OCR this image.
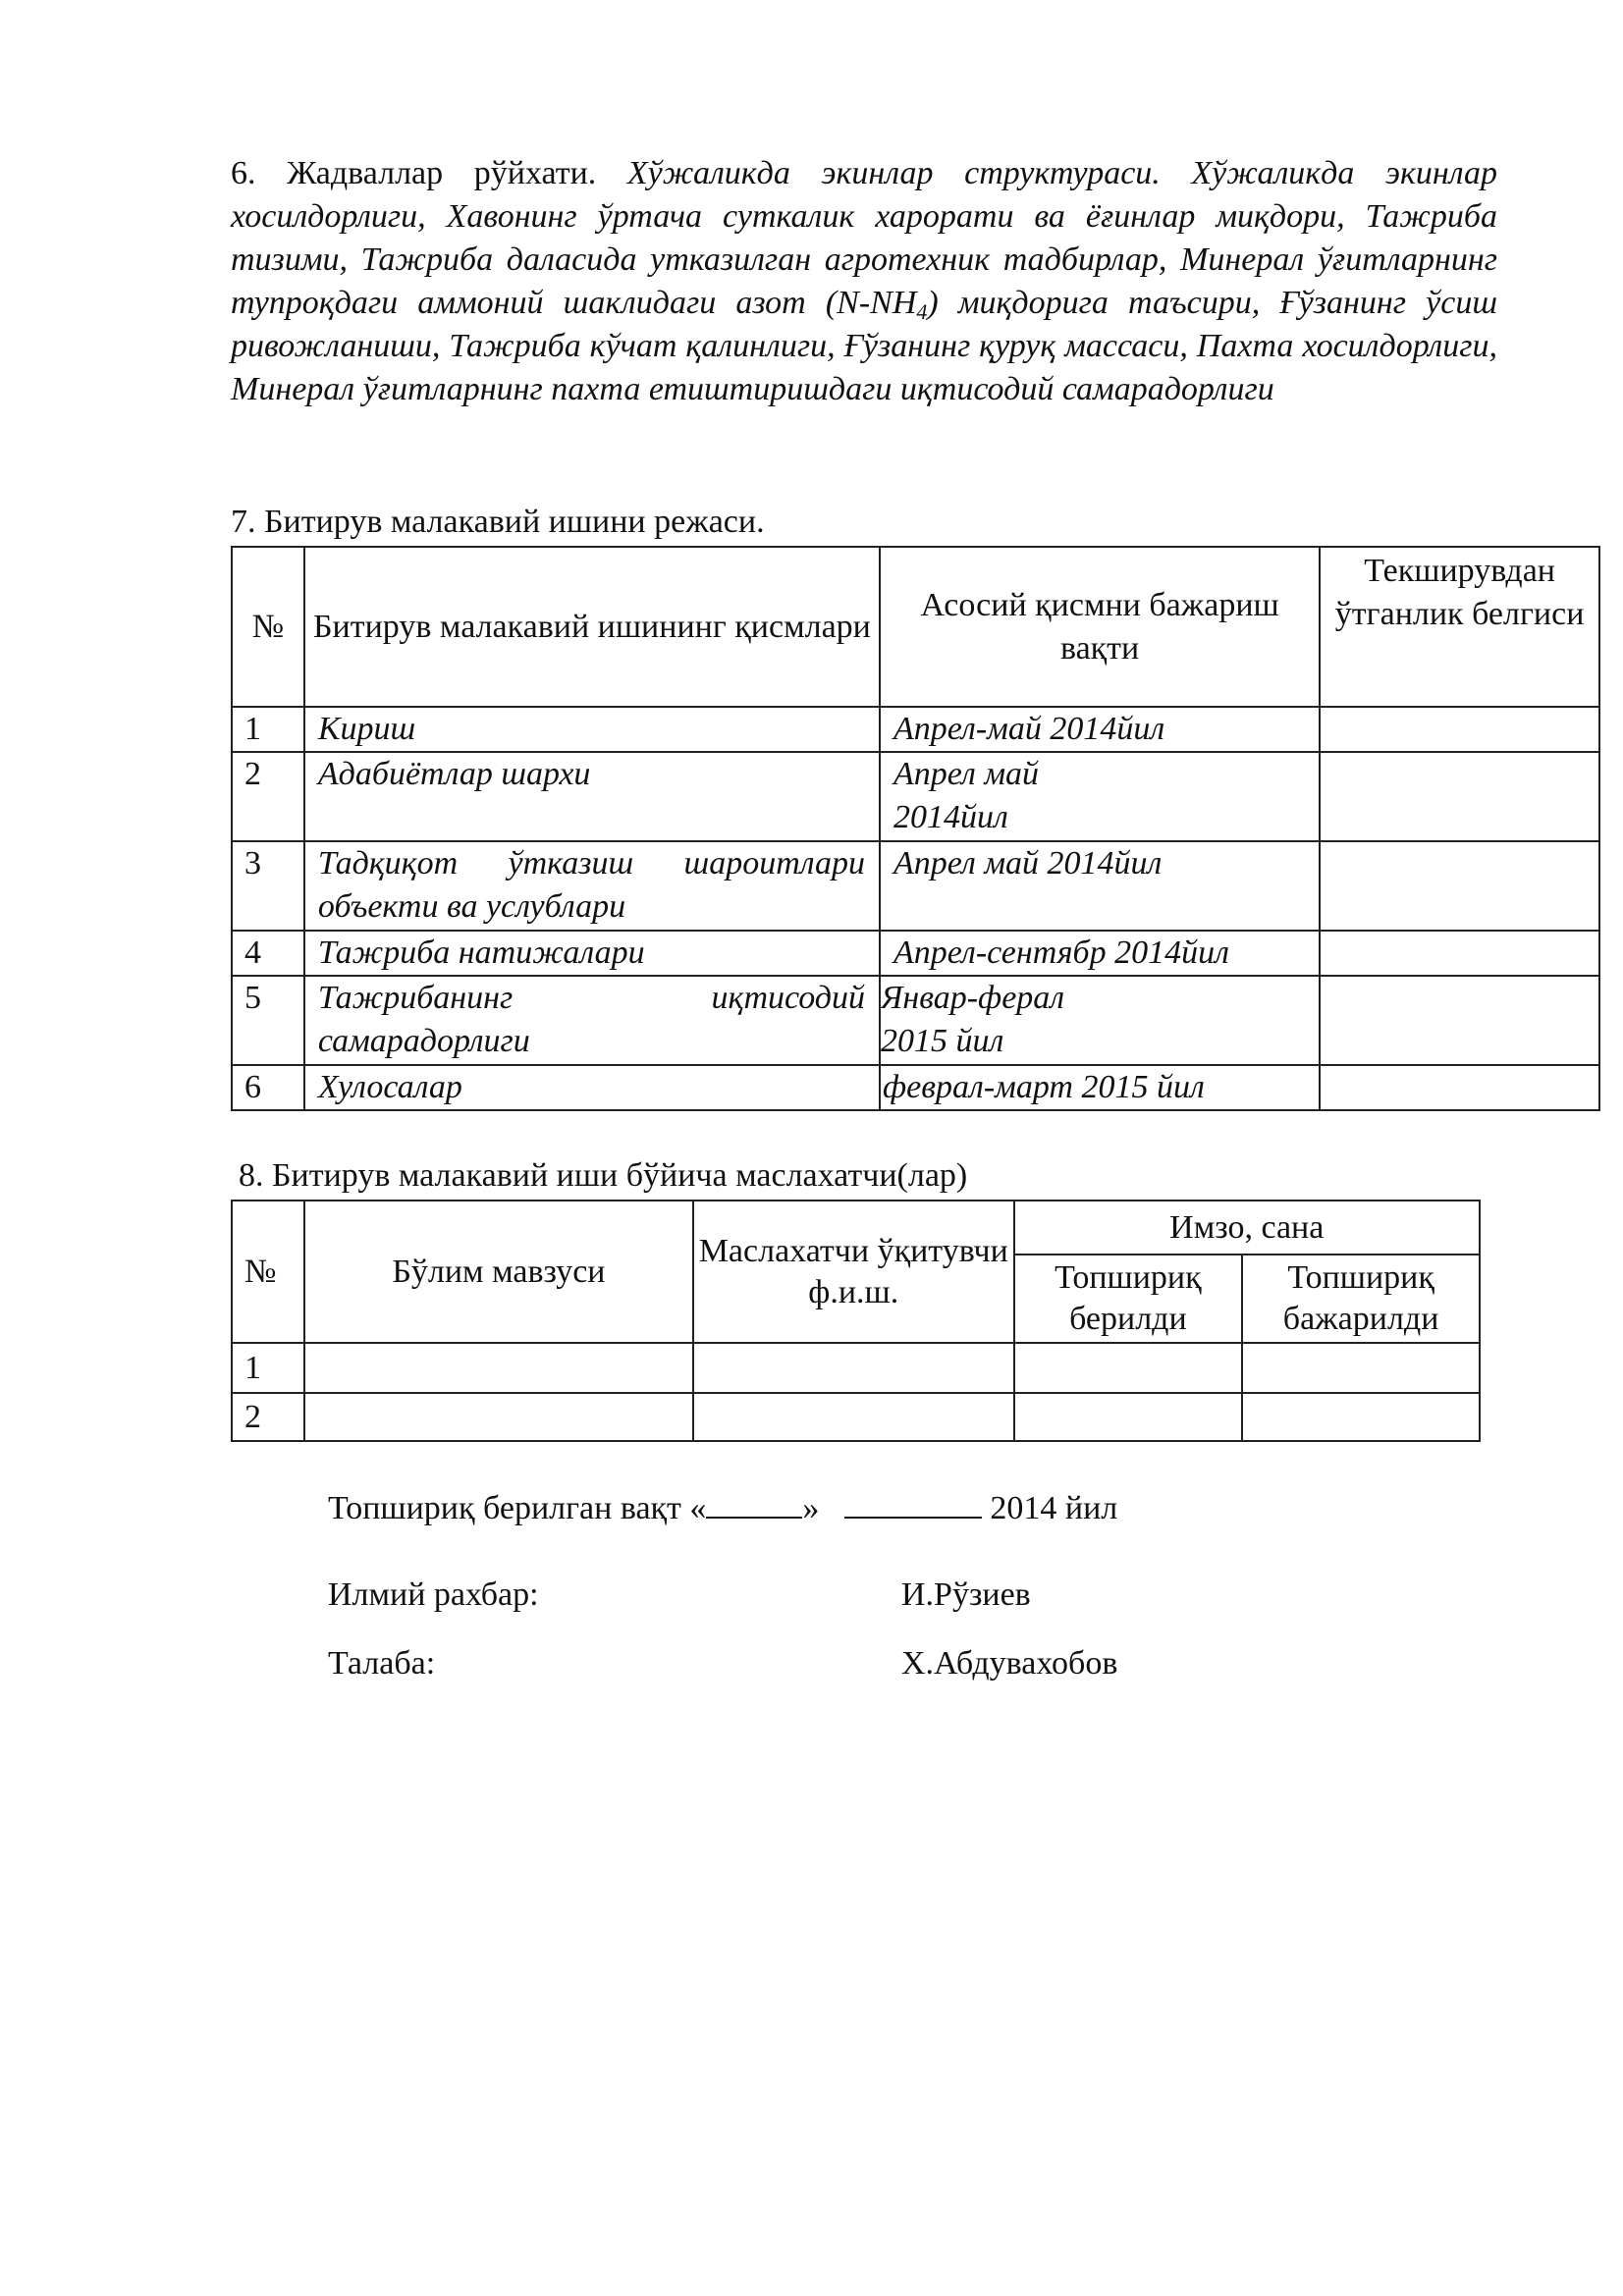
6. Жадваллар рўйхати. Хўжаликда экинлар структураси. Хўжаликда экинлар хосилдорлиги, Хавонинг ўртача суткалик харорати ва ёғинлар миқдори, Тажриба тизими, Тажриба даласида утказилган агротехник тадбирлар, Минерал ўғитларнинг тупроқдаги аммоний шаклидаги азот $(N-NH_4)$ миқдорига таъсири, Ғўзанинг ўсиш ривожланиши, Тажриба кўчат қалинлиги, Ғўзанинг қуруқ массаси, Пахта хосилдорлиги, Минерал ўғитларнинг пахта етиштиришдаги иқтисодий самарадорлиги
7. Битирув малакавий ишини режаси.
№	Битирув малакавий ишининг қисмлари	Асосий қисмни бажариш вақти	Текширувдан ўтганлик белгиси
1	Кириш	Апрел-май 2014йил	
2	Адабиётлар шархи	Апрел май
2014йил	
3	Тадқиқот ўтказиш шароитлари объекти ва услублари	Апрел май 2014йил	
4	Тажриба натижалари	Апрел-сентябр 2014йил	
5	Тажрибанинг иқтисодий самарадорлиги	Январ-ферал
2015 йил	
6	Хулосалар	феврал-март 2015 йил	
8. Битирув малакавий иши бўйича маслахатчи(лар)
№	Бўлим мавзуси	Маслахатчи ўқитувчи ф.и.ш.	Имзо, сана	
			Топшириқ берилди	Топшириқ бажарилди
1				
2				
Топшириқ берилган вақт «	»	2014 йил
Илмий рахбар:	И.Рўзиев
Талаба:	Х.Абдувахобов
